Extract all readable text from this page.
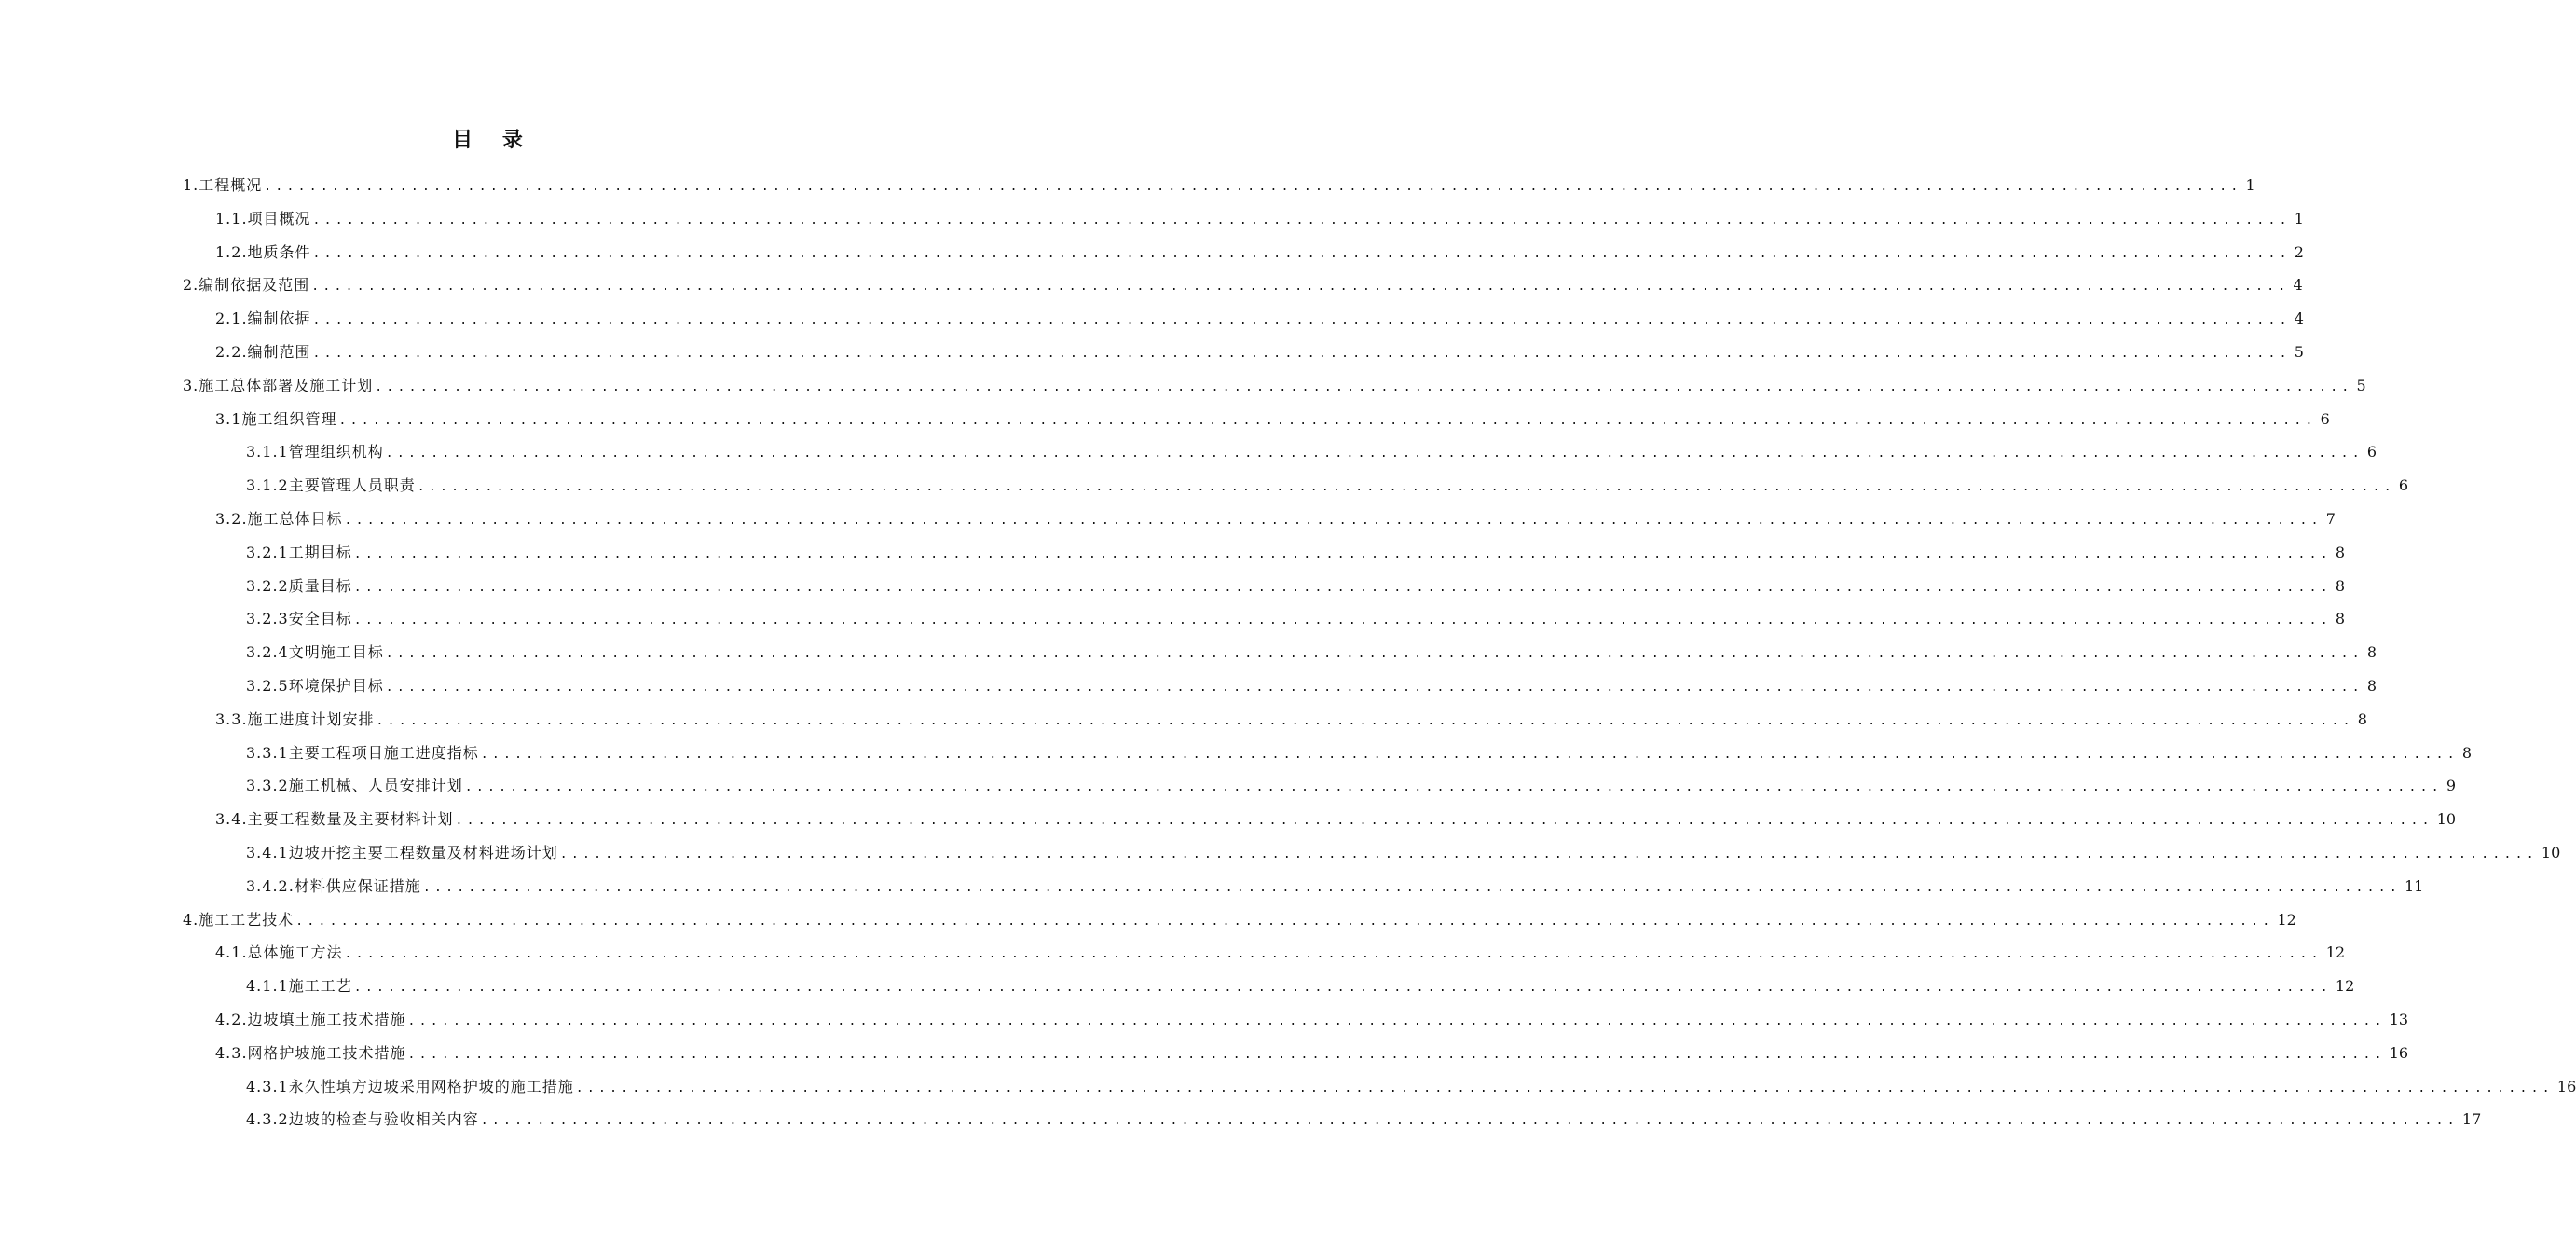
目 录
1. 工程概况 ............................................................................................................................................................................... 1
1.1. 项目概况 ............................................................................................................................................................................... 1
1.2. 地质条件 ............................................................................................................................................................................... 2
2. 编制依据及范围 ............................................................................................................................................................................... 4
2.1. 编制依据 ............................................................................................................................................................................... 4
2.2. 编制范围 ............................................................................................................................................................................... 5
3. 施工总体部署及施工计划 ............................................................................................................................................................................... 5
3.1 施工组织管理 ............................................................................................................................................................................... 6
3.1.1 管理组织机构 ............................................................................................................................................................................... 6
3.1.2 主要管理人员职责 ............................................................................................................................................................................... 6
3.2. 施工总体目标 ............................................................................................................................................................................... 7
3.2.1 工期目标 ............................................................................................................................................................................... 8
3.2.2 质量目标 ............................................................................................................................................................................... 8
3.2.3 安全目标 ............................................................................................................................................................................... 8
3.2.4 文明施工目标 ............................................................................................................................................................................... 8
3.2.5 环境保护目标 ............................................................................................................................................................................... 8
3.3. 施工进度计划安排 ............................................................................................................................................................................... 8
3.3.1 主要工程项目施工进度指标 ............................................................................................................................................................................... 8
3.3.2 施工机械、人员安排计划 ............................................................................................................................................................................... 9
3.4. 主要工程数量及主要材料计划 ............................................................................................................................................................................... 10
3.4.1 边坡开挖主要工程数量及材料进场计划 ............................................................................................................................................................................... 10
3.4.2. 材料供应保证措施 ............................................................................................................................................................................... 11
4. 施工工艺技术 ............................................................................................................................................................................... 12
4.1. 总体施工方法 ............................................................................................................................................................................... 12
4.1.1 施工工艺 ............................................................................................................................................................................... 12
4.2. 边坡填土施工技术措施 ............................................................................................................................................................................... 13
4.3. 网格护坡施工技术措施 ............................................................................................................................................................................... 16
4.3.1 永久性填方边坡采用网格护坡的施工措施 ............................................................................................................................................................................... 16
4.3.2 边坡的检查与验收相关内容 ............................................................................................................................................................................... 17
